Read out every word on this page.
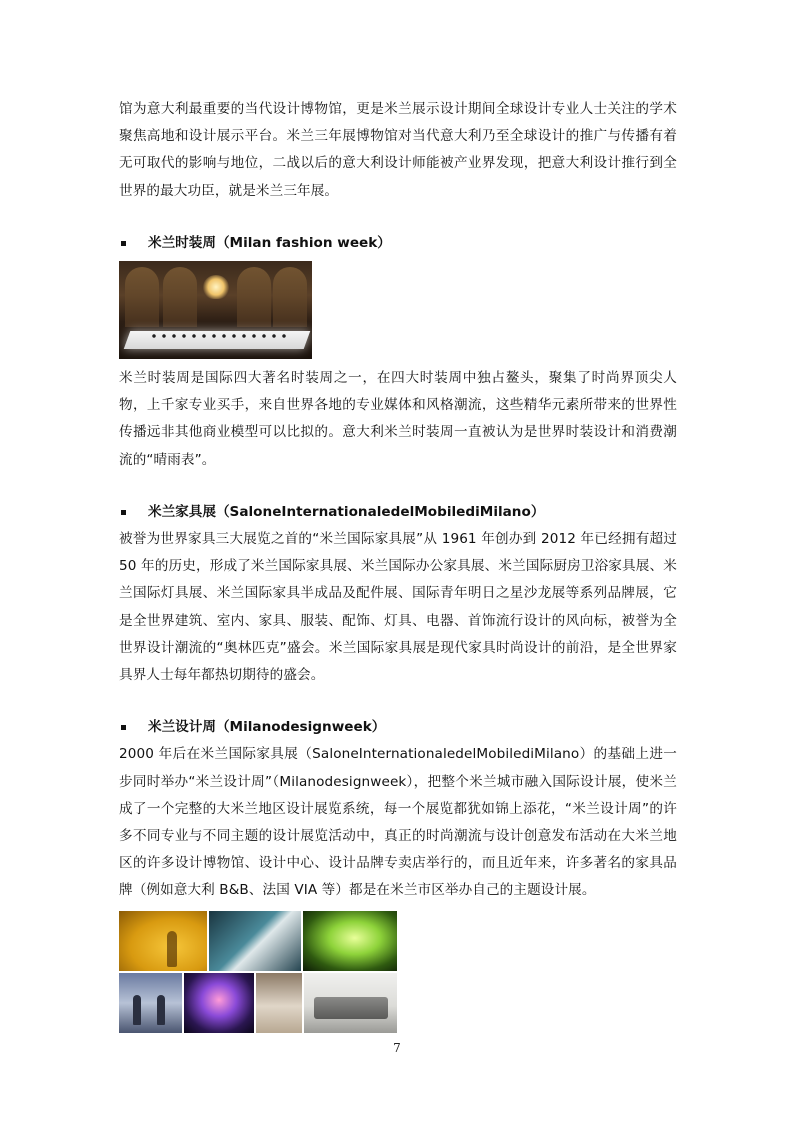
馆为意大利最重要的当代设计博物馆，更是米兰展示设计期间全球设计专业人士关注的学术聚焦高地和设计展示平台。米兰三年展博物馆对当代意大利乃至全球设计的推广与传播有着无可取代的影响与地位，二战以后的意大利设计师能被产业界发现，把意大利设计推行到全世界的最大功臣，就是米兰三年展。

米兰时装周（Milan fashion week）

米兰时装周是国际四大著名时装周之一，在四大时装周中独占鳌头，聚集了时尚界顶尖人物，上千家专业买手，来自世界各地的专业媒体和风格潮流，这些精华元素所带来的世界性传播远非其他商业模型可以比拟的。意大利米兰时装周一直被认为是世界时装设计和消费潮流的“晴雨表”。

米兰家具展（SaloneInternationaledelMobilediMilano）

被誉为世界家具三大展览之首的“米兰国际家具展”从 1961 年创办到 2012 年已经拥有超过 50 年的历史，形成了米兰国际家具展、米兰国际办公家具展、米兰国际厨房卫浴家具展、米兰国际灯具展、米兰国际家具半成品及配件展、国际青年明日之星沙龙展等系列品牌展，它是全世界建筑、室内、家具、服装、配饰、灯具、电器、首饰流行设计的风向标，被誉为全世界设计潮流的“奥林匹克”盛会。米兰国际家具展是现代家具时尚设计的前沿，是全世界家具界人士每年都热切期待的盛会。

米兰设计周（Milanodesignweek）

2000 年后在米兰国际家具展（SaloneInternationaledelMobilediMilano）的基础上进一步同时举办“米兰设计周”（Milanodesignweek），把整个米兰城市融入国际设计展，使米兰成了一个完整的大米兰地区设计展览系统，每一个展览都犹如锦上添花，“米兰设计周”的许多不同专业与不同主题的设计展览活动中，真正的时尚潮流与设计创意发布活动在大米兰地区的许多设计博物馆、设计中心、设计品牌专卖店举行的，而且近年来，许多著名的家具品牌（例如意大利 B&B、法国 VIA 等）都是在米兰市区举办自己的主题设计展。

7
